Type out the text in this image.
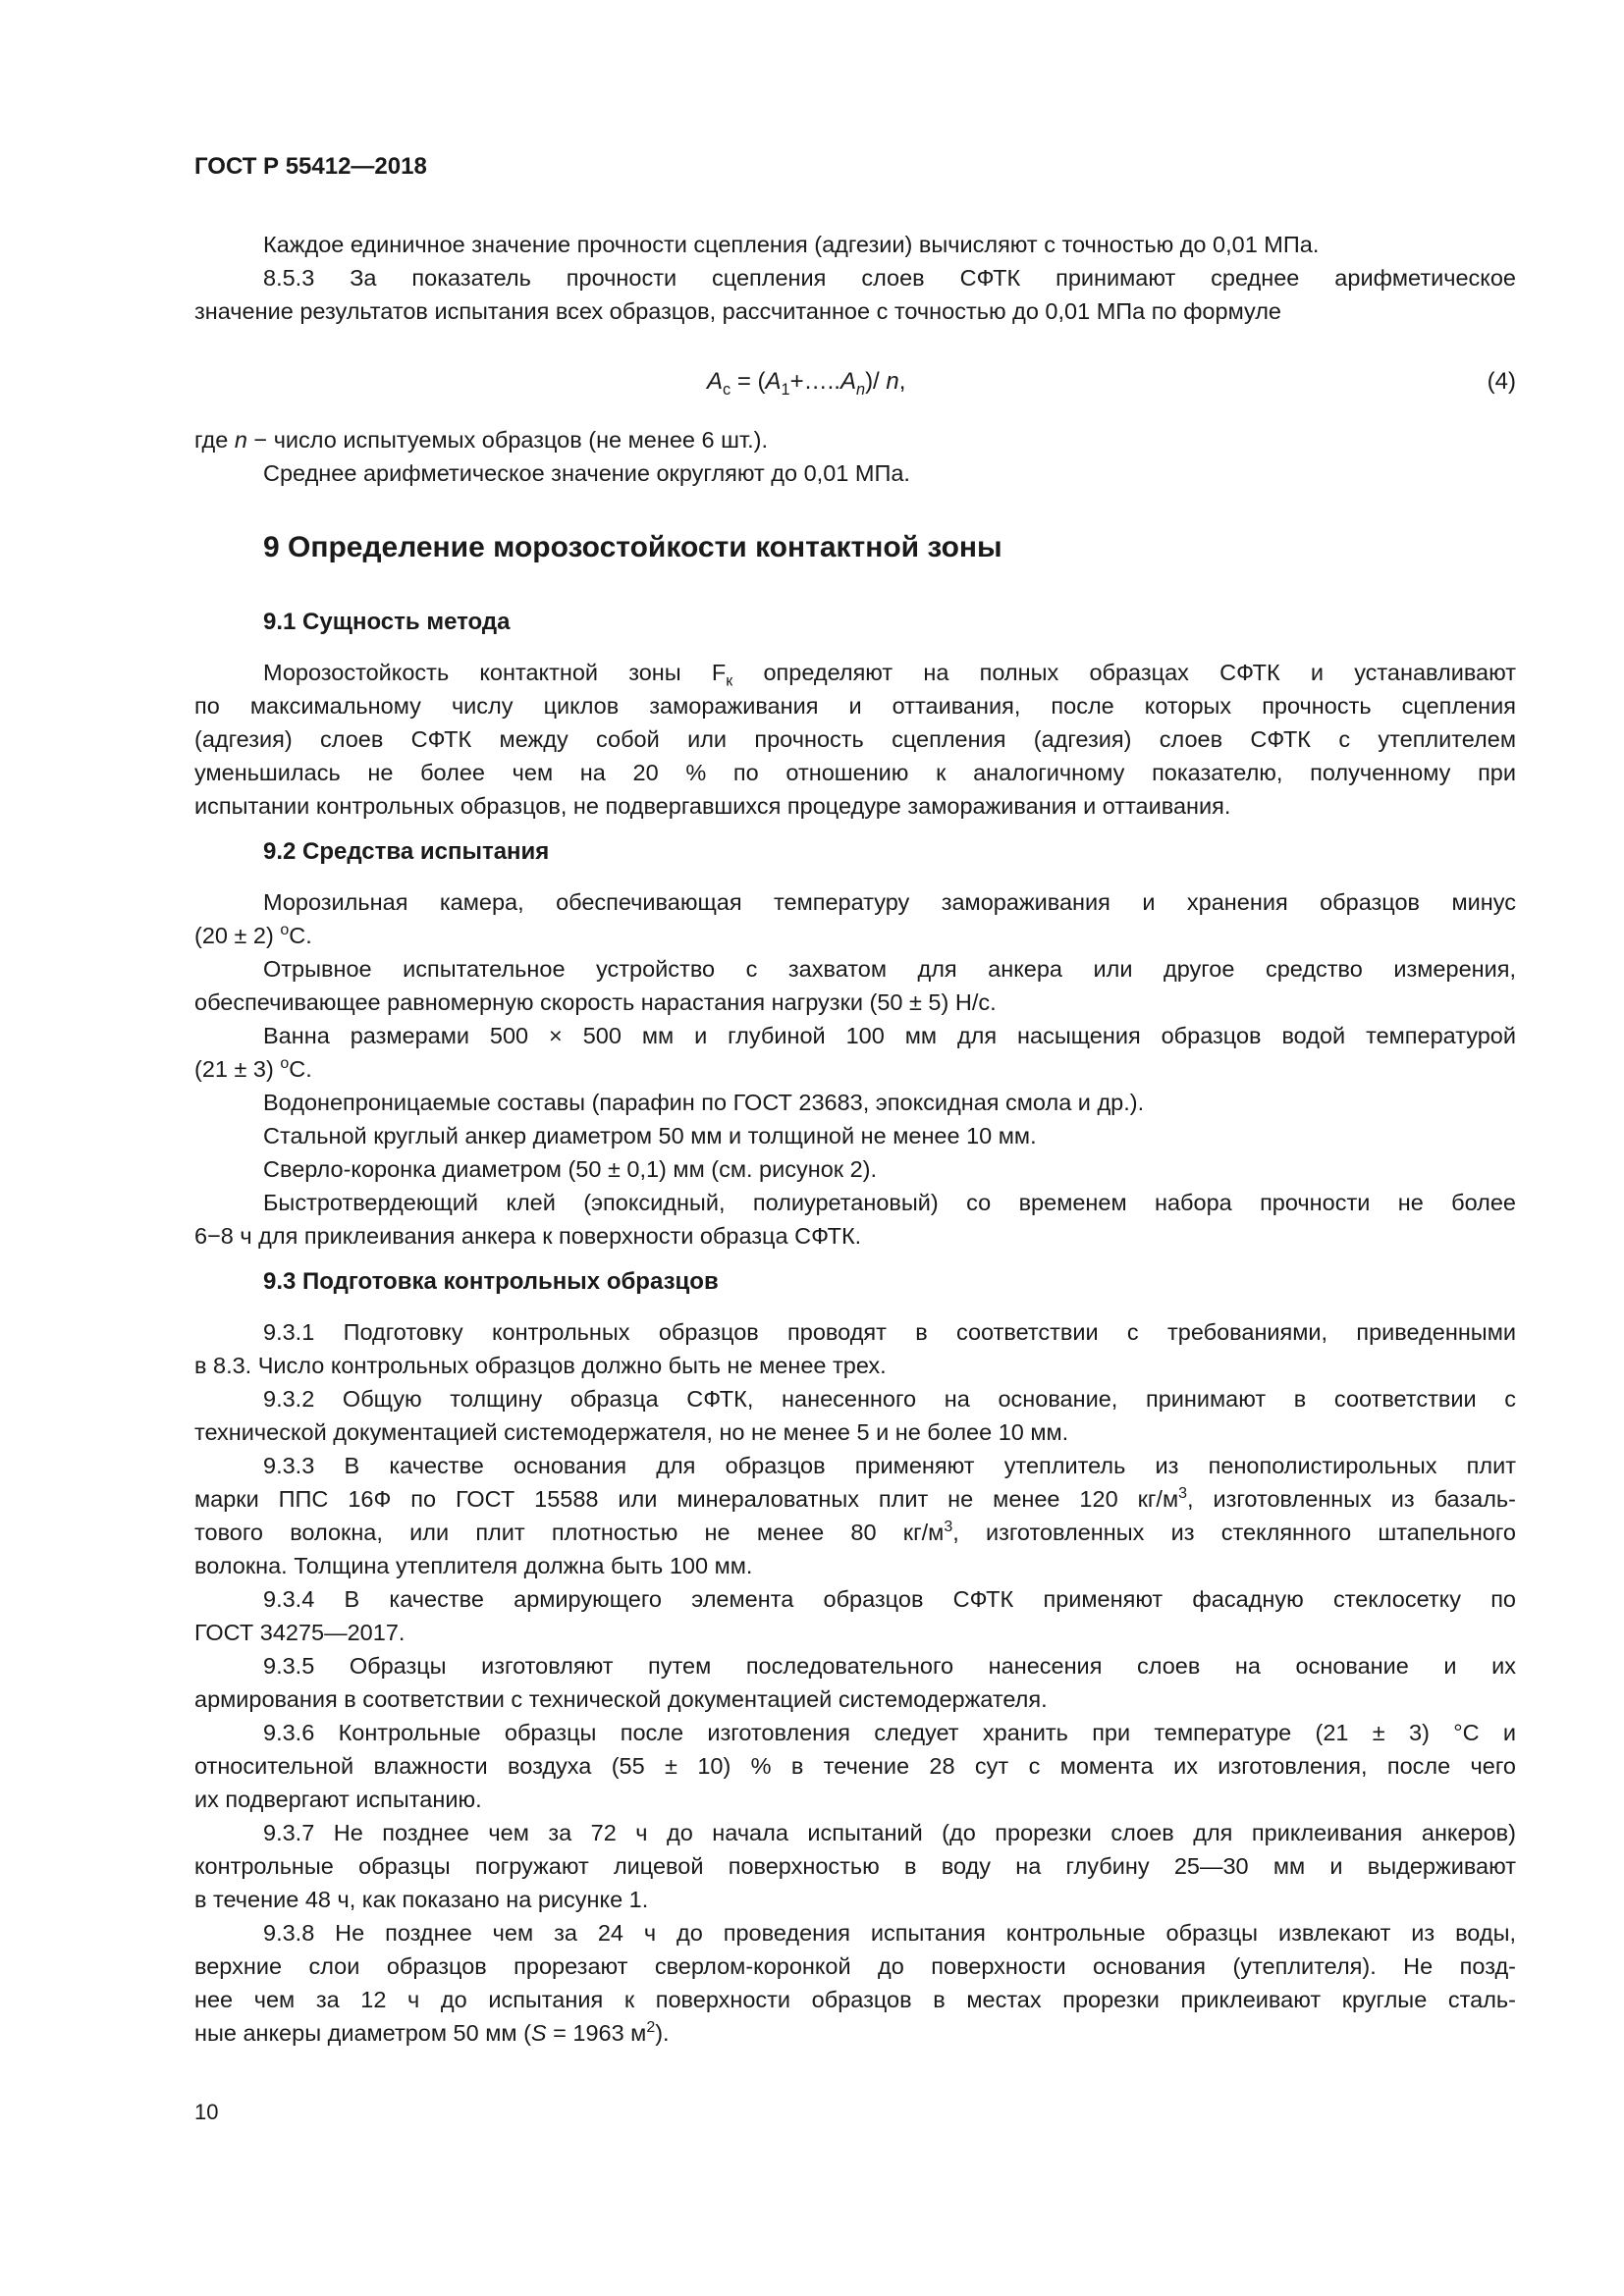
ГОСТ Р 55412—2018

Каждое единичное значение прочности сцепления (адгезии) вычисляют с точностью до 0,01 МПа.

8.5.3 За показатель прочности сцепления слоев СФТК принимают среднее арифметическое

значение результатов испытания всех образцов, рассчитанное с точностью до 0,01 МПа по формуле

$A_c$ = $(A_1+\dots..A_n)/$ n,	(4)

где n − число испытуемых образцов (не менее 6 шт.).

Среднее арифметическое значение округляют до 0,01 МПа.

9 Определение морозостойкости контактной зоны
9.1 Сущность метода

Морозостойкость контактной зоны $F_к$ определяют на полных образцах СФТК и устанавливают

по максимальному числу циклов замораживания и оттаивания, после которых прочность сцепления

(адгезия) слоев СФТК между собой или прочность сцепления (адгезия) слоев СФТК с утеплителем

уменьшилась не более чем на 20 % по отношению к аналогичному показателю, полученному при

испытании контрольных образцов, не подвергавшихся процедуре замораживания и оттаивания.

9.2 Средства испытания

Морозильная камера, обеспечивающая температуру замораживания и хранения образцов минус

(20 ± 2) $^o$С.

Отрывное испытательное устройство с захватом для анкера или другое средство измерения,

обеспечивающее равномерную скорость нарастания нагрузки (50 ± 5) Н/с.

Ванна размерами 500 × 500 мм и глубиной 100 мм для насыщения образцов водой температурой

(21 ± 3) $^o$С.

Водонепроницаемые составы (парафин по ГОСТ 23683, эпоксидная смола и др.).

Стальной круглый анкер диаметром 50 мм и толщиной не менее 10 мм.

Сверло-коронка диаметром (50 ± 0,1) мм (см. рисунок 2).

Быстротвердеющий клей (эпоксидный, полиуретановый) со временем набора прочности не более

6−8 ч для приклеивания анкера к поверхности образца СФТК.

9.3 Подготовка контрольных образцов

9.3.1 Подготовку контрольных образцов проводят в соответствии с требованиями, приведенными

в 8.3. Число контрольных образцов должно быть не менее трех.

9.3.2 Общую толщину образца СФТК, нанесенного на основание, принимают в соответствии с

технической документацией системодержателя, но не менее 5 и не более 10 мм.

9.3.3 В качестве основания для образцов применяют утеплитель из пенополистирольных плит

марки ППС 16Ф по ГОСТ 15588 или минераловатных плит не менее 120 $кг/м^3$, изготовленных из базаль-

тового волокна, или плит плотностью не менее 80 $кг/м^3$, изготовленных из стеклянного штапельного

волокна. Толщина утеплителя должна быть 100 мм.

9.3.4 В качестве армирующего элемента образцов СФТК применяют фасадную стеклосетку по

ГОСТ 34275—2017.

9.3.5 Образцы изготовляют путем последовательного нанесения слоев на основание и их

армирования в соответствии с технической документацией системодержателя.

9.3.6 Контрольные образцы после изготовления следует хранить при температуре (21 ± 3) °С и

относительной влажности воздуха (55 ± 10) % в течение 28 сут с момента их изготовления, после чего

их подвергают испытанию.

9.3.7 Не позднее чем за 72 ч до начала испытаний (до прорезки слоев для приклеивания анкеров)

контрольные образцы погружают лицевой поверхностью в воду на глубину 25—30 мм и выдерживают

в течение 48 ч, как показано на рисунке 1.

9.3.8 Не позднее чем за 24 ч до проведения испытания контрольные образцы извлекают из воды,

верхние слои образцов прорезают сверлом-коронкой до поверхности основания (утеплителя). Не позд-

нее чем за 12 ч до испытания к поверхности образцов в местах прорезки приклеивают круглые сталь-

ные анкеры диаметром 50 мм (S = 1963 $м^2$).

10
